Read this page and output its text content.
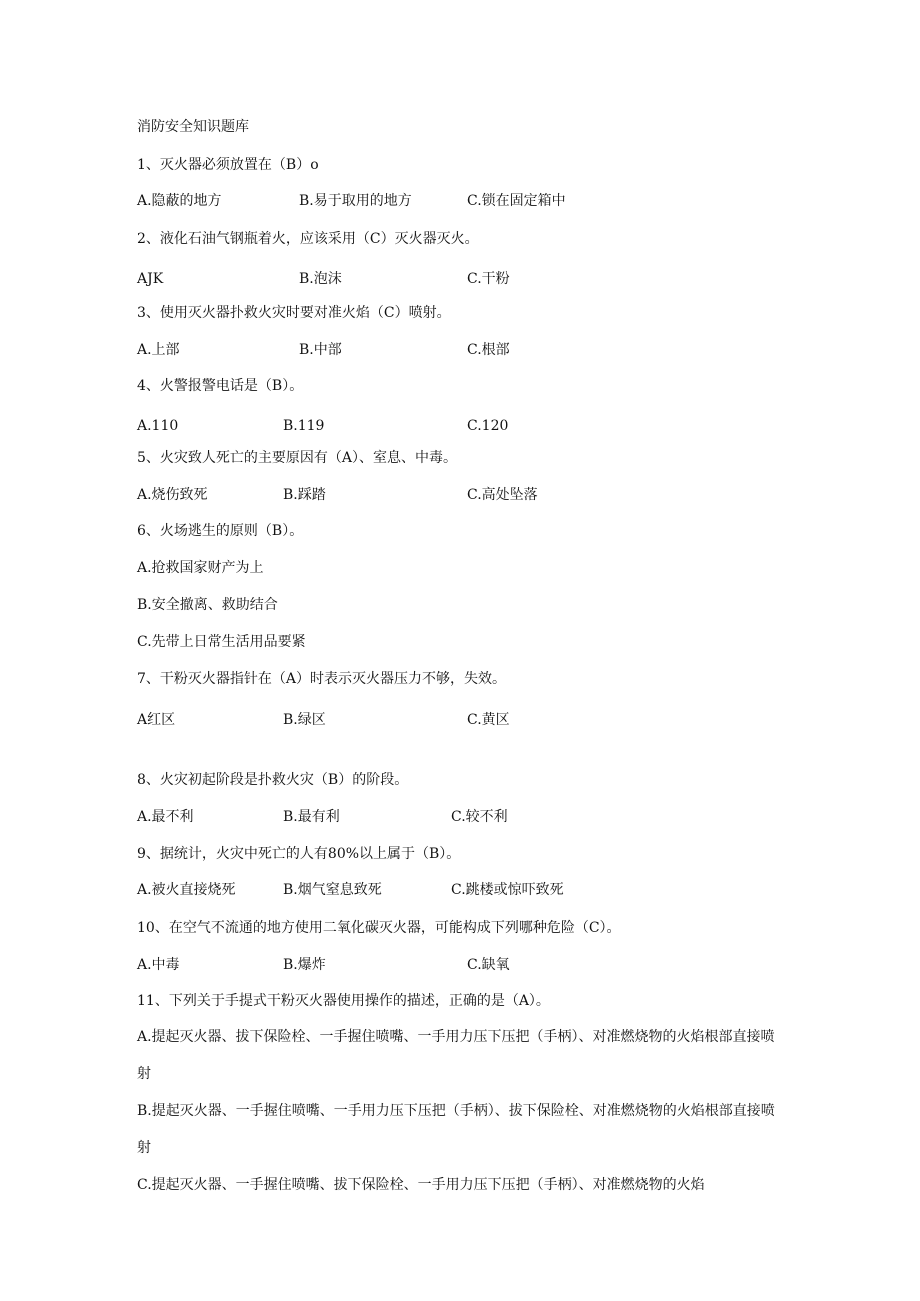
消防安全知识题库
1、灭火器必须放置在（B）o
A.隐蔽的地方	B.易于取用的地方	C.锁在固定箱中
2、液化石油气钢瓶着火，应该采用（C）灭火器灭火。
AJK	B.泡沫	C.干粉
3、使用灭火器扑救火灾时要对准火焰（C）喷射。
A.上部	B.中部	C.根部
4、火警报警电话是（B）。
A.110	B.119	C.120
5、火灾致人死亡的主要原因有（A）、室息、中毒。
A.烧伤致死	B.踩踏	C.高处坠落
6、火场逃生的原则（B）。
A.抢救国家财产为上
B.安全撤离、救助结合
C.先带上日常生活用品要紧
7、干粉灭火器指针在（A）时表示灭火器压力不够，失效。
A红区	B.绿区	C.黄区
8、火灾初起阶段是扑救火灾（B）的阶段。
A.最不利	B.最有利	C.较不利
9、据统计，火灾中死亡的人有80%以上属于（B）。
A.被火直接烧死	B.烟气窒息致死	C.跳楼或惊吓致死
10、在空气不流通的地方使用二氧化碳灭火器，可能构成下列哪种危险（C）。
A.中毒	B.爆炸	C.缺氧
11、下列关于手提式干粉灭火器使用操作的描述，正确的是（A）。
A.提起灭火器、拔下保险栓、一手握住喷嘴、一手用力压下压把（手柄）、对准燃烧物的火焰根部直接喷射
B.提起灭火器、一手握住喷嘴、一手用力压下压把（手柄）、拔下保险栓、对准燃烧物的火焰根部直接喷射
C.提起灭火器、一手握住喷嘴、拔下保险栓、一手用力压下压把（手柄）、对准燃烧物的火焰
